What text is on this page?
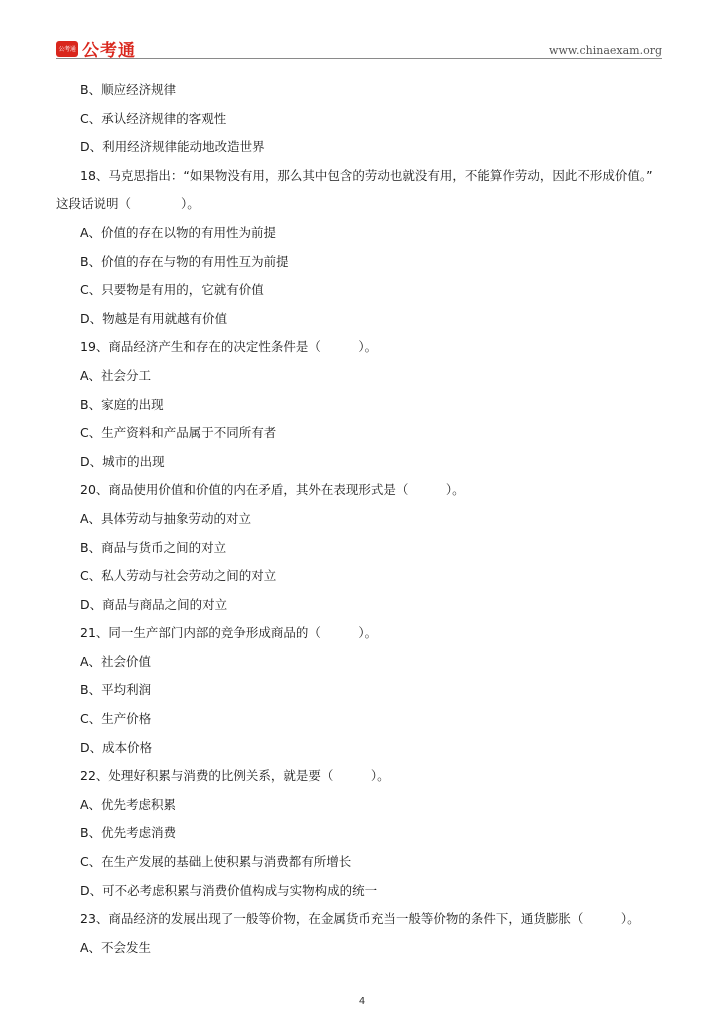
公考通 公考通	www.chinaexam.org
B、顺应经济规律
C、承认经济规律的客观性
D、利用经济规律能动地改造世界
18、马克思指出：“如果物没有用，那么其中包含的劳动也就没有用，不能算作劳动，因此不形成价值。”
这段话说明（　　　　）。
A、价值的存在以物的有用性为前提
B、价值的存在与物的有用性互为前提
C、只要物是有用的，它就有价值
D、物越是有用就越有价值
19、商品经济产生和存在的决定性条件是（　　　）。
A、社会分工
B、家庭的出现
C、生产资料和产品属于不同所有者
D、城市的出现
20、商品使用价值和价值的内在矛盾，其外在表现形式是（　　　）。
A、具体劳动与抽象劳动的对立
B、商品与货币之间的对立
C、私人劳动与社会劳动之间的对立
D、商品与商品之间的对立
21、同一生产部门内部的竞争形成商品的（　　　）。
A、社会价值
B、平均利润
C、生产价格
D、成本价格
22、处理好积累与消费的比例关系，就是要（　　　）。
A、优先考虑积累
B、优先考虑消费
C、在生产发展的基础上使积累与消费都有所增长
D、可不必考虑积累与消费价值构成与实物构成的统一
23、商品经济的发展出现了一般等价物，在金属货币充当一般等价物的条件下，通货膨胀（　　　）。
A、不会发生
4
